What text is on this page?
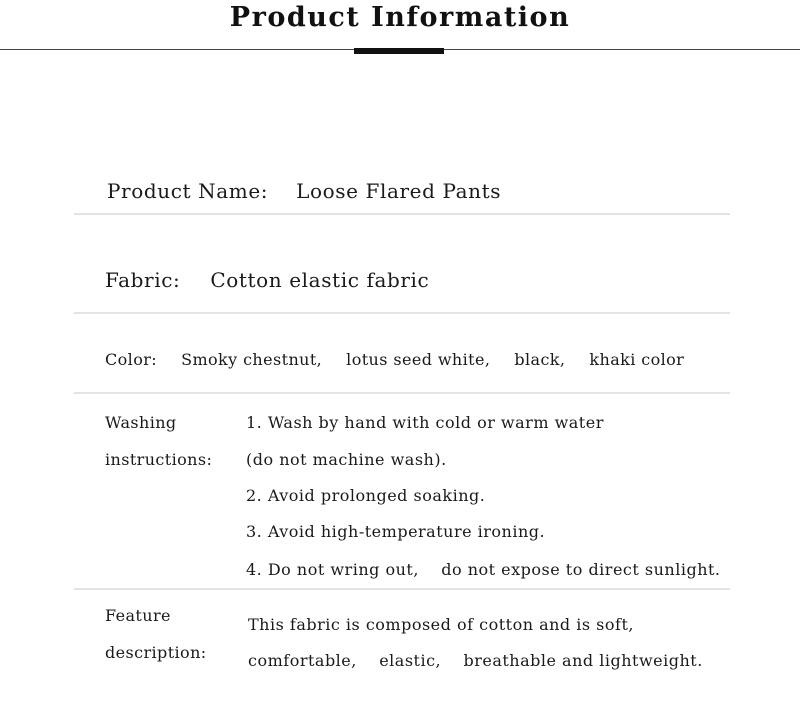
Product Information
Product Name: Loose Flared Pants
Fabric: Cotton elastic fabric
Color: Smoky chestnut, lotus seed white, black, khaki color
Washing
instructions:
1. Wash by hand with cold or warm water
(do not machine wash).
2. Avoid prolonged soaking.
3. Avoid high-temperature ironing.
4. Do not wring out,    do not expose to direct sunlight.
Feature
description:
This fabric is composed of cotton and is soft,
comfortable,    elastic,    breathable and lightweight.
